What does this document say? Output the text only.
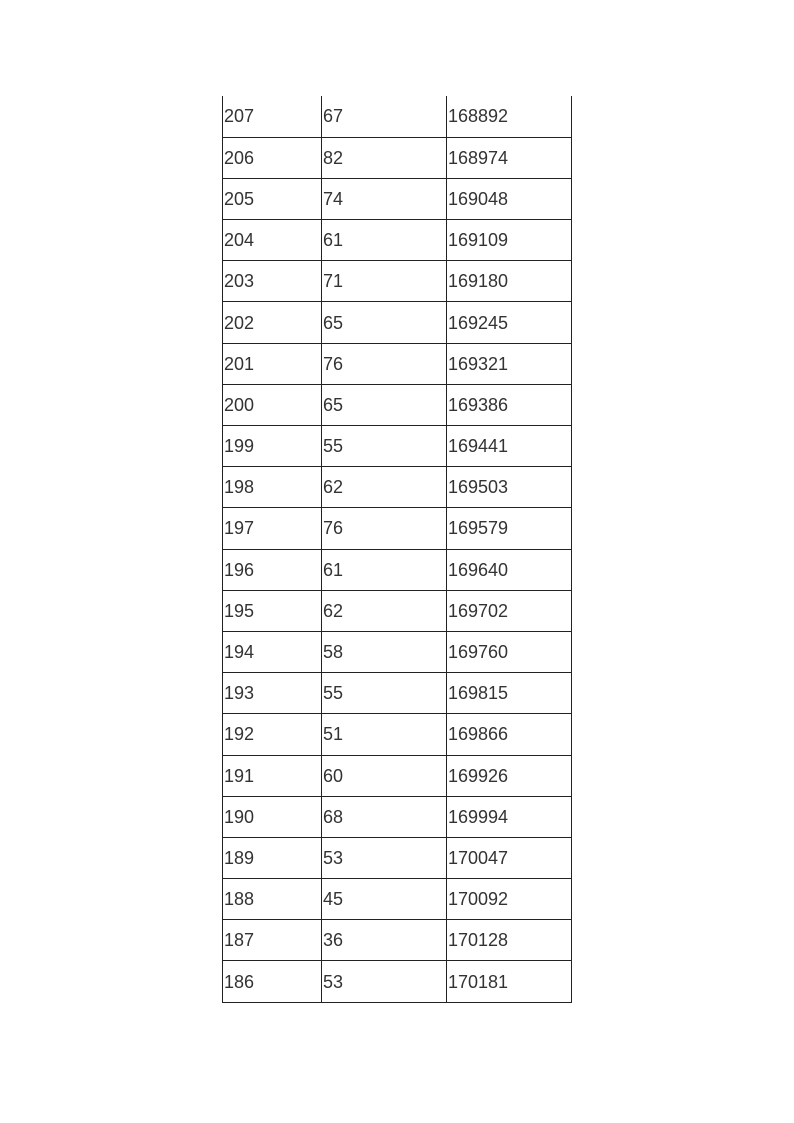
207	67	168892
206	82	168974
205	74	169048
204	61	169109
203	71	169180
202	65	169245
201	76	169321
200	65	169386
199	55	169441
198	62	169503
197	76	169579
196	61	169640
195	62	169702
194	58	169760
193	55	169815
192	51	169866
191	60	169926
190	68	169994
189	53	170047
188	45	170092
187	36	170128
186	53	170181
